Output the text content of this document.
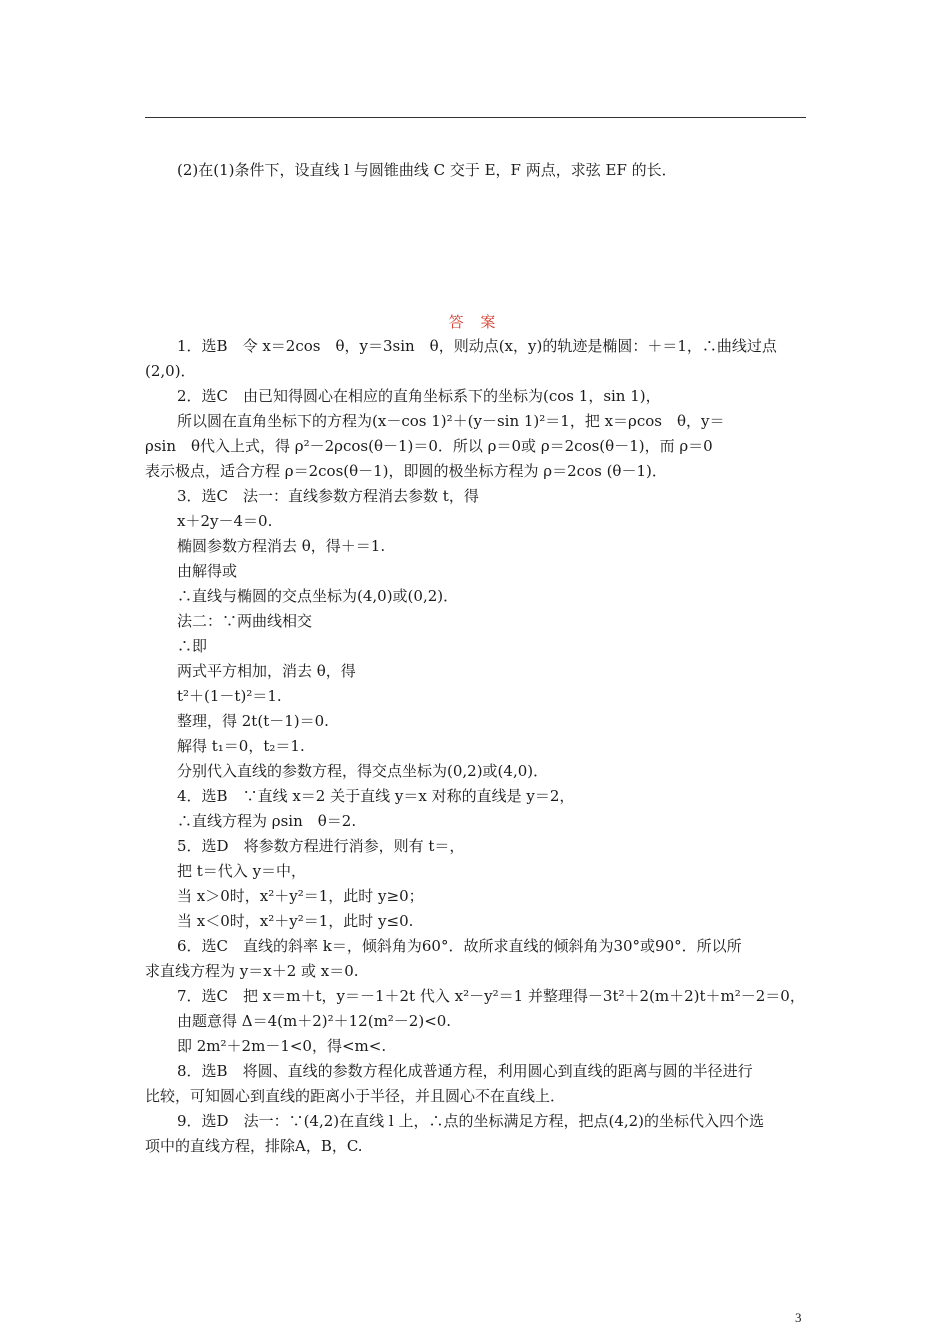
(2)在(1)条件下，设直线 l 与圆锥曲线 C 交于 E，F 两点，求弦 EF 的长．
答 案
1．选B　令 x＝2cos　θ，y＝3sin　θ，则动点(x，y)的轨迹是椭圆：＋＝1，∴曲线过点
(2,0)．
2．选C　由已知得圆心在相应的直角坐标系下的坐标为(cos 1，sin 1)，
所以圆在直角坐标下的方程为(x－cos 1)²＋(y－sin 1)²＝1，把 x＝ρcos　θ，y＝
ρsin　θ代入上式，得 ρ²－2ρcos(θ－1)＝0．所以 ρ＝0或 ρ＝2cos(θ－1)，而 ρ＝0
表示极点，适合方程 ρ＝2cos(θ－1)，即圆的极坐标方程为 ρ＝2cos (θ－1)．
3．选C　法一：直线参数方程消去参数 t，得
x＋2y－4＝0.
椭圆参数方程消去 θ，得＋＝1.
由解得或
∴直线与椭圆的交点坐标为(4,0)或(0,2)．
法二：∵两曲线相交
∴即
两式平方相加，消去 θ，得
t²＋(1－t)²＝1.
整理，得 2t(t－1)＝0.
解得 t₁＝0，t₂＝1.
分别代入直线的参数方程，得交点坐标为(0,2)或(4,0)．
4．选B　∵直线 x＝2 关于直线 y＝x 对称的直线是 y＝2，
∴直线方程为 ρsin　θ＝2.
5．选D　将参数方程进行消参，则有 t＝，
把 t＝代入 y＝中，
当 x＞0时，x²＋y²＝1，此时 y≥0；
当 x＜0时，x²＋y²＝1，此时 y≤0.
6．选C　直线的斜率 k＝，倾斜角为60°．故所求直线的倾斜角为30°或90°．所以所
求直线方程为 y＝x＋2 或 x＝0.
7．选C　把 x＝m＋t，y＝－1＋2t 代入 x²－y²＝1 并整理得－3t²＋2(m＋2)t＋m²－2＝0，
由题意得 Δ＝4(m＋2)²＋12(m²－2)<0.
即 2m²＋2m－1<0，得<m<.
8．选B　将圆、直线的参数方程化成普通方程，利用圆心到直线的距离与圆的半径进行
比较，可知圆心到直线的距离小于半径，并且圆心不在直线上．
9．选D　法一：∵(4,2)在直线 l 上，∴点的坐标满足方程，把点(4,2)的坐标代入四个选
项中的直线方程，排除A，B，C.
3
